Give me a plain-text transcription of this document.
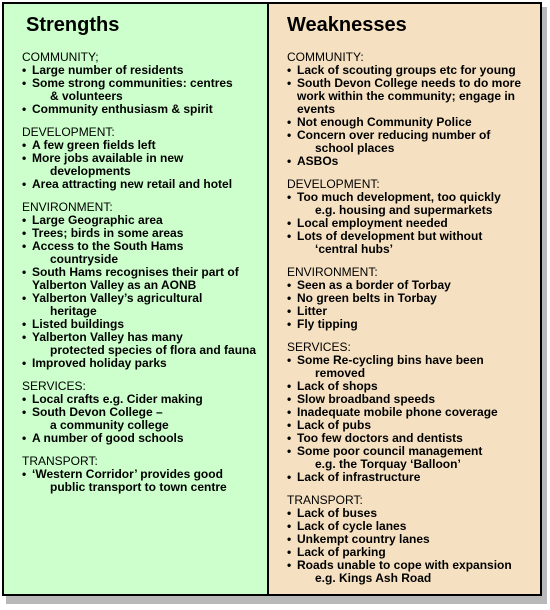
Strengths
COMMUNITY;
• Large number of residents
• Some strong communities: centres
& volunteers
• Community enthusiasm & spirit
DEVELOPMENT:
• A few green fields left
• More jobs available in new
developments
• Area attracting new retail and hotel
ENVIRONMENT:
• Large Geographic area
• Trees; birds in some areas
• Access to the South Hams
countryside
• South Hams recognises their part of Yalberton Valley as an AONB
• Yalberton Valley’s agricultural
heritage
• Listed buildings
• Yalberton Valley has many
protected species of flora and fauna
• Improved holiday parks
SERVICES:
• Local crafts e.g. Cider making
• South Devon College –
a community college
• A number of good schools
TRANSPORT:
• ‘Western Corridor’ provides good
public transport to town centre
Weaknesses
COMMUNITY:
• Lack of scouting groups etc for young
• South Devon College needs to do more work within the community; engage in events
• Not enough Community Police
• Concern over reducing number of
school places
• ASBOs
DEVELOPMENT:
• Too much development, too quickly
e.g. housing and supermarkets
• Local employment needed
• Lots of development but without
‘central hubs’
ENVIRONMENT:
• Seen as a border of Torbay
• No green belts in Torbay
• Litter
• Fly tipping
SERVICES:
• Some Re-cycling bins have been
removed
• Lack of shops
• Slow broadband speeds
• Inadequate mobile phone coverage
• Lack of pubs
• Too few doctors and dentists
• Some poor council management
e.g. the Torquay ‘Balloon’
• Lack of infrastructure
TRANSPORT:
• Lack of buses
• Lack of cycle lanes
• Unkempt country lanes
• Lack of parking
• Roads unable to cope with expansion
e.g. Kings Ash Road
